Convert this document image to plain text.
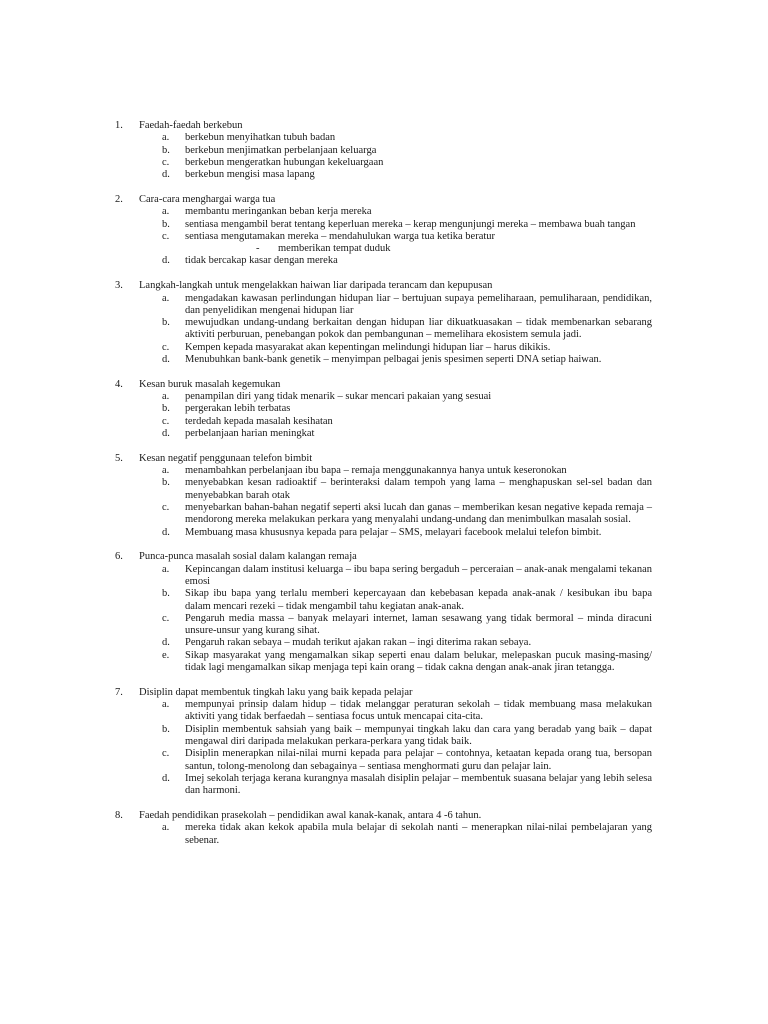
1.	Faedah-faedah berkebun
a.	berkebun menyihatkan tubuh badan
b.	berkebun menjimatkan perbelanjaan keluarga
c.	berkebun mengeratkan hubungan kekeluargaan
d.	berkebun mengisi masa lapang
2.	Cara-cara menghargai warga tua
a.	membantu meringankan beban kerja mereka
b.	sentiasa mengambil berat tentang keperluan mereka – kerap mengunjungi mereka – membawa buah tangan
c.	sentiasa mengutamakan mereka – mendahulukan warga tua ketika beratur
-	memberikan tempat duduk
d.	tidak bercakap kasar dengan mereka
3.	Langkah-langkah untuk mengelakkan haiwan liar daripada terancam dan kepupusan
a.	mengadakan kawasan perlindungan hidupan liar – bertujuan supaya pemeliharaan, pemuliharaan, pendidikan, dan penyelidikan mengenai hidupan liar
b.	mewujudkan undang-undang berkaitan dengan hidupan liar dikuatkuasakan – tidak membenarkan sebarang aktiviti perburuan, penebangan pokok dan pembangunan – memelihara ekosistem semula jadi.
c.	Kempen kepada masyarakat akan kepentingan melindungi hidupan liar – harus dikikis.
d.	Menubuhkan bank-bank genetik – menyimpan pelbagai jenis spesimen seperti DNA setiap haiwan.
4.	Kesan buruk masalah kegemukan
a.	penampilan diri yang tidak menarik – sukar mencari pakaian yang sesuai
b.	pergerakan lebih terbatas
c.	terdedah kepada masalah kesihatan
d.	perbelanjaan harian meningkat
5.	Kesan negatif penggunaan telefon bimbit
a.	menambahkan perbelanjaan ibu bapa – remaja menggunakannya hanya untuk keseronokan
b.	menyebabkan kesan radioaktif – berinteraksi dalam tempoh yang lama – menghapuskan sel-sel badan dan menyebabkan barah otak
c.	menyebarkan bahan-bahan negatif seperti aksi lucah dan ganas – memberikan kesan negative kepada remaja – mendorong mereka melakukan perkara yang menyalahi undang-undang dan menimbulkan masalah sosial.
d.	Membuang masa khususnya kepada para pelajar – SMS, melayari facebook melalui telefon bimbit.
6.	Punca-punca masalah sosial dalam kalangan remaja
a.	Kepincangan dalam institusi keluarga – ibu bapa sering bergaduh – perceraian – anak-anak mengalami tekanan emosi
b.	Sikap ibu bapa yang terlalu memberi kepercayaan dan kebebasan kepada anak-anak / kesibukan ibu bapa dalam mencari rezeki – tidak mengambil tahu kegiatan anak-anak.
c.	Pengaruh media massa – banyak melayari internet, laman sesawang yang tidak bermoral – minda diracuni unsure-unsur yang kurang sihat.
d.	Pengaruh rakan sebaya – mudah terikut ajakan rakan – ingi diterima rakan sebaya.
e.	Sikap masyarakat yang mengamalkan sikap seperti enau dalam belukar, melepaskan pucuk masing-masing/ tidak lagi mengamalkan sikap menjaga tepi kain orang – tidak cakna dengan anak-anak jiran tetangga.
7.	Disiplin dapat membentuk tingkah laku yang baik kepada pelajar
a.	mempunyai prinsip dalam hidup – tidak melanggar peraturan sekolah – tidak membuang masa melakukan aktiviti yang tidak berfaedah – sentiasa focus untuk mencapai cita-cita.
b.	Disiplin membentuk sahsiah yang baik – mempunyai tingkah laku dan cara yang beradab yang baik – dapat mengawal diri daripada melakukan perkara-perkara yang tidak baik.
c.	Disiplin menerapkan nilai-nilai murni kepada para pelajar – contohnya, ketaatan kepada orang tua, bersopan santun, tolong-menolong dan sebagainya – sentiasa menghormati guru dan pelajar lain.
d.	Imej sekolah terjaga kerana kurangnya masalah disiplin pelajar – membentuk suasana belajar yang lebih selesa dan harmoni.
8.	Faedah pendidikan prasekolah – pendidikan awal kanak-kanak, antara 4 -6 tahun.
a.	mereka tidak akan kekok apabila mula belajar di sekolah nanti – menerapkan nilai-nilai pembelajaran yang sebenar.
